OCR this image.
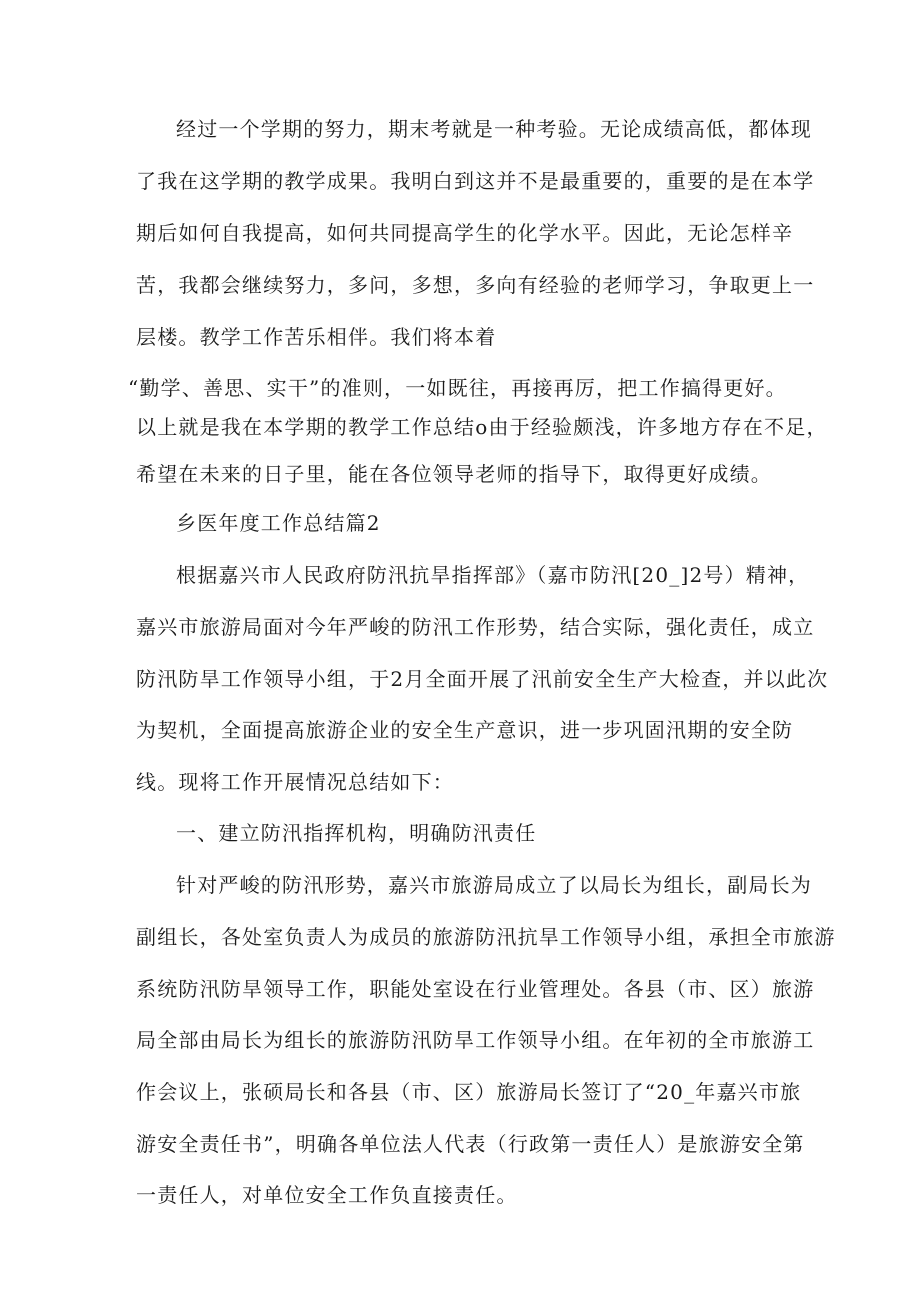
经过一个学期的努力，期末考就是一种考验。无论成绩高低，都体现
了我在这学期的教学成果。我明白到这并不是最重要的，重要的是在本学
期后如何自我提高，如何共同提高学生的化学水平。因此，无论怎样辛
苦，我都会继续努力，多问，多想，多向有经验的老师学习，争取更上一
层楼。教学工作苦乐相伴。我们将本着
“勤学、善思、实干”的准则，一如既往，再接再厉，把工作搞得更好。
以上就是我在本学期的教学工作总结o由于经验颇浅，许多地方存在不足，
希望在未来的日子里，能在各位领导老师的指导下，取得更好成绩。
乡医年度工作总结篇2
根据嘉兴市人民政府防汛抗旱指挥部》（嘉市防汛[20_]2号）精神，
嘉兴市旅游局面对今年严峻的防汛工作形势，结合实际，强化责任，成立
防汛防旱工作领导小组，于2月全面开展了汛前安全生产大检查，并以此次
为契机，全面提高旅游企业的安全生产意识，进一步巩固汛期的安全防
线。现将工作开展情况总结如下：
一、建立防汛指挥机构，明确防汛责任
针对严峻的防汛形势，嘉兴市旅游局成立了以局长为组长，副局长为
副组长，各处室负责人为成员的旅游防汛抗旱工作领导小组，承担全市旅游
系统防汛防旱领导工作，职能处室设在行业管理处。各县（市、区）旅游
局全部由局长为组长的旅游防汛防旱工作领导小组。在年初的全市旅游工
作会议上，张硕局长和各县（市、区）旅游局长签订了“20_年嘉兴市旅
游安全责任书”，明确各单位法人代表（行政第一责任人）是旅游安全第
一责任人，对单位安全工作负直接责任。
